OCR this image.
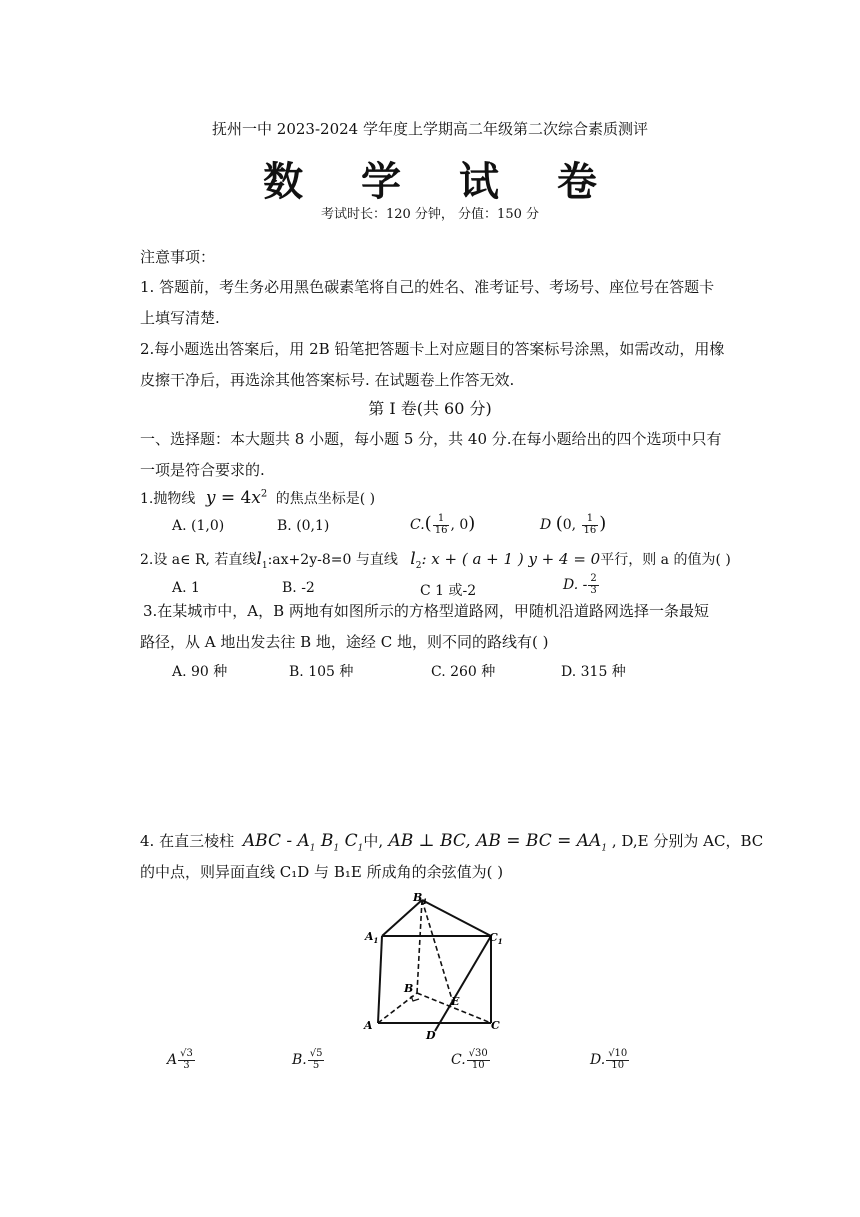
抚州一中 2023-2024 学年度上学期高二年级第二次综合素质测评
数 学 试 卷
考试时长：120 分钟， 分值：150 分
注意事项：
1. 答题前，考生务必用黑色碳素笔将自己的姓名、准考证号、考场号、座位号在答题卡
上填写清楚.
2.每小题选出答案后，用 2B 铅笔把答题卡上对应题目的答案标号涂黑，如需改动，用橡
皮擦干净后，再选涂其他答案标号. 在试题卷上作答无效.
第 I 卷(共 60 分)
一、选择题：本大题共 8 小题，每小题 5 分，共 40 分.在每小题给出的四个选项中只有
一项是符合要求的.
1.抛物线 $y = 4x^2$ 的焦点坐标是( )
A. (1,0)	B. (0,1)	$C.( \frac{1}{16}$ , 0)	D (0, $\frac{1}{16}$ )
2.设 a∈ R, 若直线$l_1:ax+2y-8=0$ 与直线 $l_2$: x + ( a + 1 ) y + 4 = 0平行，则 a 的值为( )
A. 1	B. -2	C 1 或-2	D. - $\frac{2}{3}$
3.在某城市中，A，B 两地有如图所示的方格型道路网，甲随机沿道路网选择一条最短
路径，从 A 地出发去往 B 地，途经 C 地，则不同的路线有( )
A. 90 种	B. 105 种	C. 260 种	D. 315 种
4. 在直三棱柱 ABC - $A_1$ $B_1$ $C_1$中, AB ⊥ BC, AB = BC = $AA_1$ , D,E 分别为 AC，BC
的中点，则异面直线 C₁D 与 B₁E 所成角的余弦值为( )
$B_1$
$A_1$	$C_1$
B
E
A
D
C
A $\frac{√3}{3}$	B. $\frac{√5}{5}$	C. $\frac{√30}{10}$	D. $\frac{√10}{10}$
